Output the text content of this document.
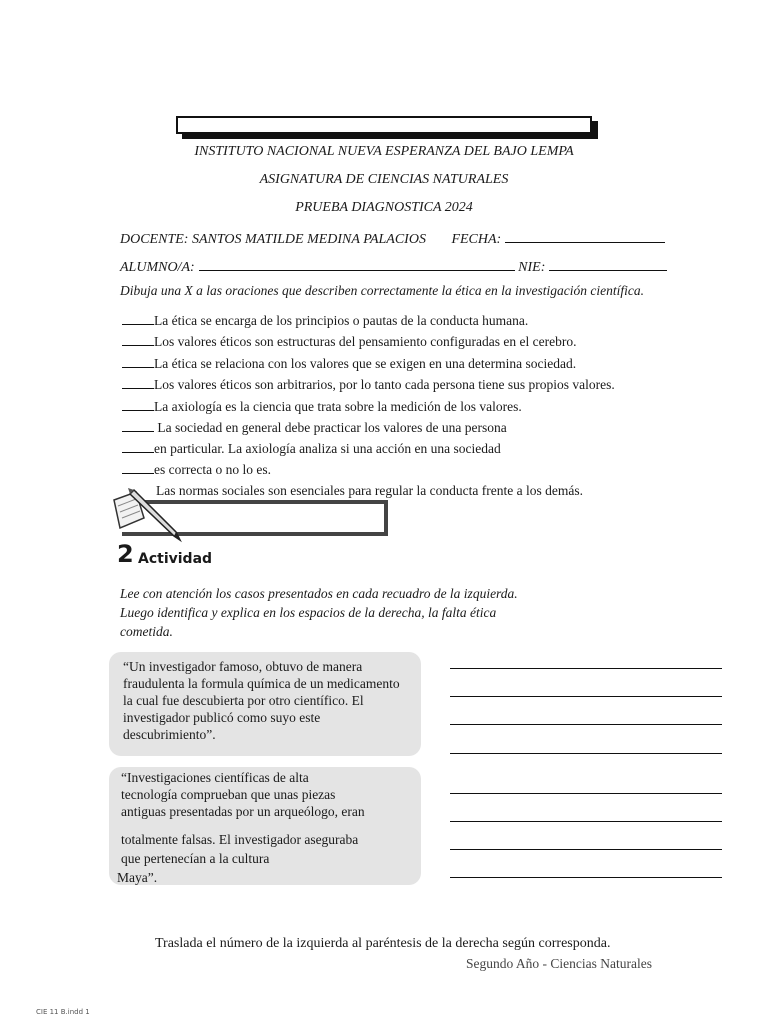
INSTITUTO NACIONAL NUEVA ESPERANZA DEL BAJO LEMPA
ASIGNATURA DE CIENCIAS NATURALES
PRUEBA DIAGNOSTICA 2024
DOCENTE: SANTOS MATILDE MEDINA PALACIOS FECHA:
ALUMNO/A:	NIE:
Dibuja una X a las oraciones que describen correctamente la ética en la investigación científica.
La ética se encarga de los principios o pautas de la conducta humana.
Los valores éticos son estructuras del pensamiento configuradas en el cerebro.
La ética se relaciona con los valores que se exigen en una determina sociedad.
Los valores éticos son arbitrarios, por lo tanto cada persona tiene sus propios valores.
La axiología es la ciencia que trata sobre la medición de los valores.
La sociedad en general debe practicar los valores de una persona
en particular. La axiología analiza si una acción en una sociedad
es correcta o no lo es.
Las normas sociales son esenciales para regular la conducta frente a los demás.
2 Actividad
Lee con atención los casos presentados en cada recuadro de la izquierda.
Luego identifica y explica en los espacios de la derecha, la falta ética
cometida.
“Un investigador famoso, obtuvo de manera
fraudulenta la formula química de un medicamento
la cual fue descubierta por otro científico. El
investigador publicó como suyo este
descubrimiento”.
“Investigaciones científicas de alta
tecnología comprueban que unas piezas
antiguas presentadas por un arqueólogo, eran
totalmente falsas. El investigador aseguraba
que pertenecían a la cultura
Maya”.
Traslada el número de la izquierda al paréntesis de la derecha según corresponda.
Segundo Año - Ciencias Naturales
CIE 11 B.indd 1
